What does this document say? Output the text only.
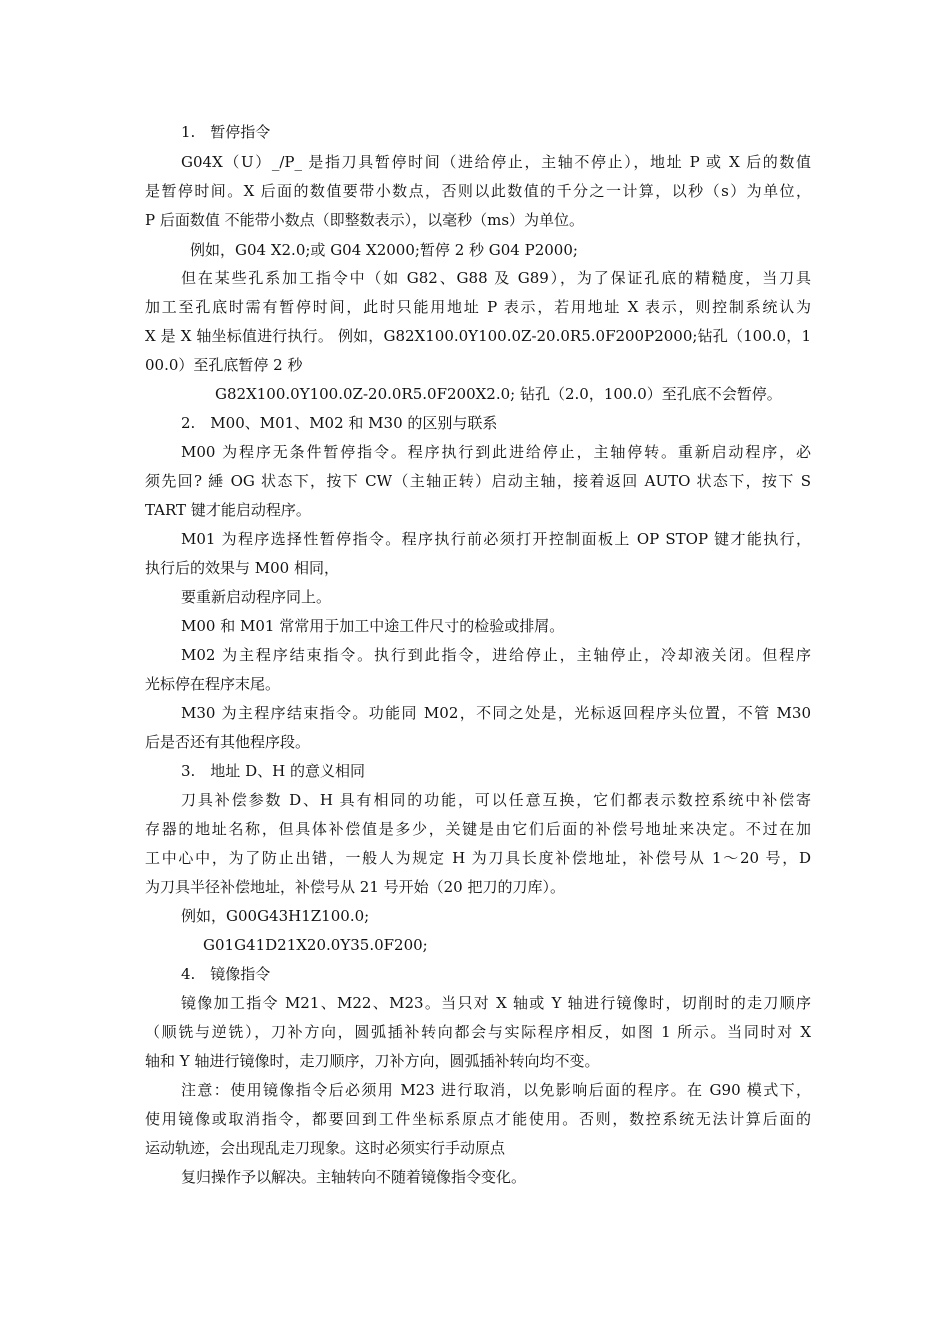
1.　暂停指令
G04X（U）_/P_ 是指刀具暂停时间（进给停止，主轴不停止），地址 P 或 X 后的数值
是暂停时间。X 后面的数值要带小数点，否则以此数值的千分之一计算，以秒（s）为单位，
P 后面数值 不能带小数点（即整数表示），以毫秒（ms）为单位。
例如，G04 X2.0;或 G04 X2000;暂停 2 秒 G04 P2000;
但在某些孔系加工指令中（如 G82、G88 及 G89），为了保证孔底的精糙度，当刀具
加工至孔底时需有暂停时间，此时只能用地址 P 表示，若用地址 X 表示，则控制系统认为
X 是 X 轴坐标值进行执行。 例如，G82X100.0Y100.0Z-20.0R5.0F200P2000;钻孔（100.0，1
00.0）至孔底暂停 2 秒
G82X100.0Y100.0Z-20.0R5.0F200X2.0; 钻孔（2.0，100.0）至孔底不会暂停。
2.　M00、M01、M02 和 M30 的区别与联系
M00 为程序无条件暂停指令。程序执行到此进给停止，主轴停转。重新启动程序，必
须先回? 綞 OG 状态下，按下 CW（主轴正转）启动主轴，接着返回 AUTO 状态下，按下 S
TART 键才能启动程序。
M01 为程序选择性暂停指令。程序执行前必须打开控制面板上 OP STOP 键才能执行，
执行后的效果与 M00 相同，
要重新启动程序同上。
M00 和 M01 常常用于加工中途工件尺寸的检验或排屑。
M02 为主程序结束指令。执行到此指令，进给停止，主轴停止，冷却液关闭。但程序
光标停在程序末尾。
M30 为主程序结束指令。功能同 M02，不同之处是，光标返回程序头位置，不管 M30
后是否还有其他程序段。
3.　地址 D、H 的意义相同
刀具补偿参数 D、H 具有相同的功能，可以任意互换，它们都表示数控系统中补偿寄
存器的地址名称，但具体补偿值是多少，关键是由它们后面的补偿号地址来决定。不过在加
工中心中，为了防止出错，一般人为规定 H 为刀具长度补偿地址，补偿号从 1～20 号，D
为刀具半径补偿地址，补偿号从 21 号开始（20 把刀的刀库）。
例如，G00G43H1Z100.0;
G01G41D21X20.0Y35.0F200;
4.　镜像指令
镜像加工指令 M21、M22、M23。当只对 X 轴或 Y 轴进行镜像时，切削时的走刀顺序
（顺铣与逆铣），刀补方向，圆弧插补转向都会与实际程序相反，如图 1 所示。当同时对 X
轴和 Y 轴进行镜像时，走刀顺序，刀补方向，圆弧插补转向均不变。
注意：使用镜像指令后必须用 M23 进行取消，以免影响后面的程序。在 G90 模式下，
使用镜像或取消指令，都要回到工件坐标系原点才能使用。否则，数控系统无法计算后面的
运动轨迹，会出现乱走刀现象。这时必须实行手动原点
复归操作予以解决。主轴转向不随着镜像指令变化。
